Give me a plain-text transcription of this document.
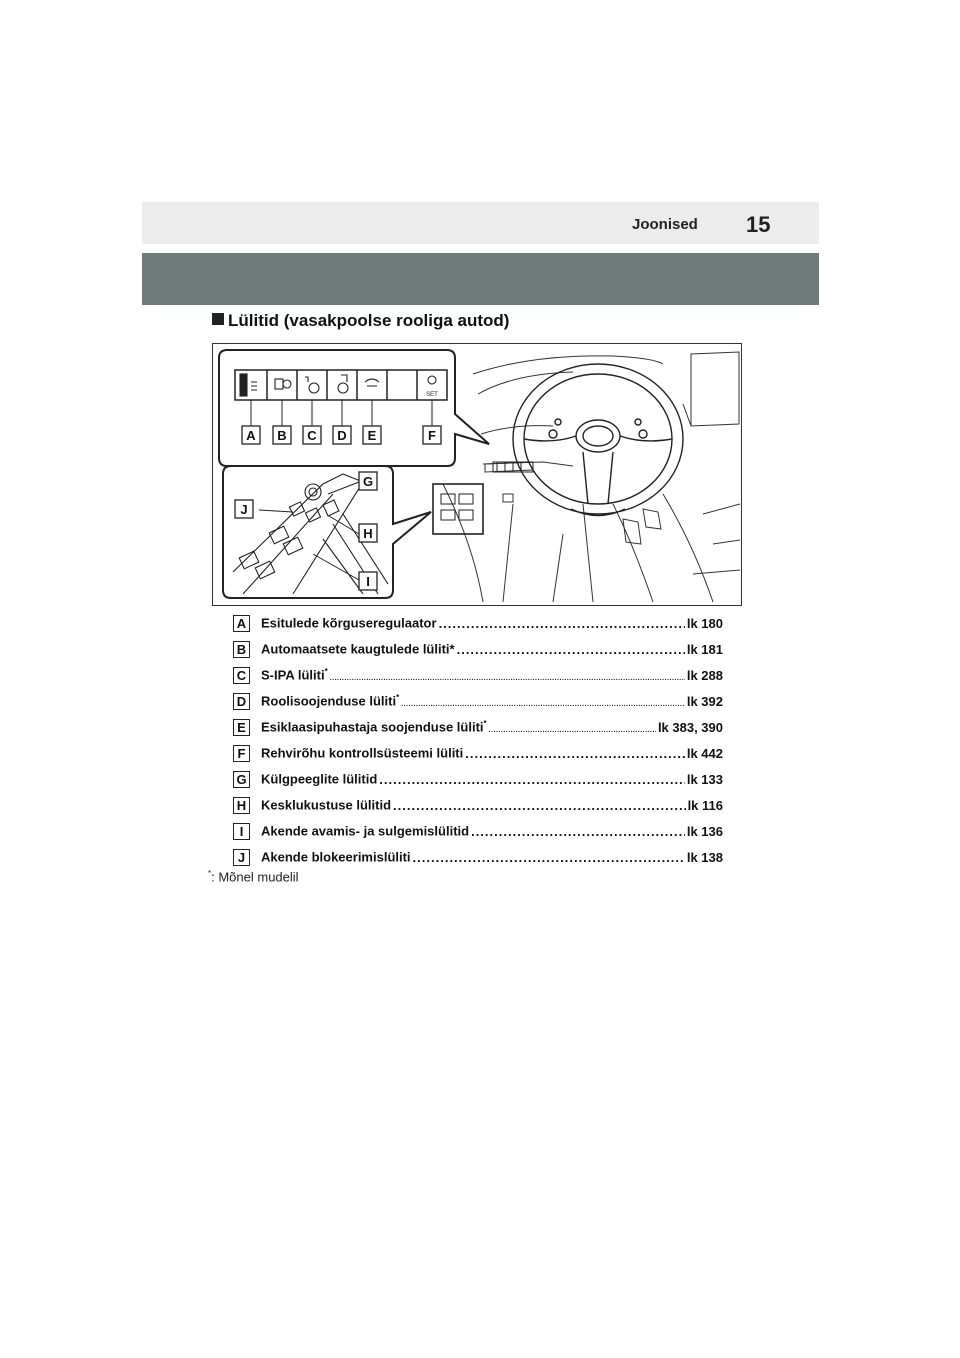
Joonised 15
Lülitid (vasakpoolse rooliga autod)
SET
A B C D E	F
G
H
I
J
A Esitulede kõrguseregulaator .....	lk 180
B Automaatsete kaugtulede lüliti* .....	lk 181
C S-IPA lüliti* .....	lk 288
D Roolisoojenduse lüliti* .....	lk 392
E	Esiklaasipuhastaja soojenduse lüliti* .....	lk 383, 390
F	Rehvirõhu kontrollsüsteemi lüliti .....	lk 442
G Külgpeeglite lülitid .....	lk 133
H Kesklukustuse lülitid .....	lk 116
I	Akende avamis- ja sulgemislülitid .....	lk 136
J	Akende blokeerimislüliti .....	lk 138
*: Mõnel mudelil
